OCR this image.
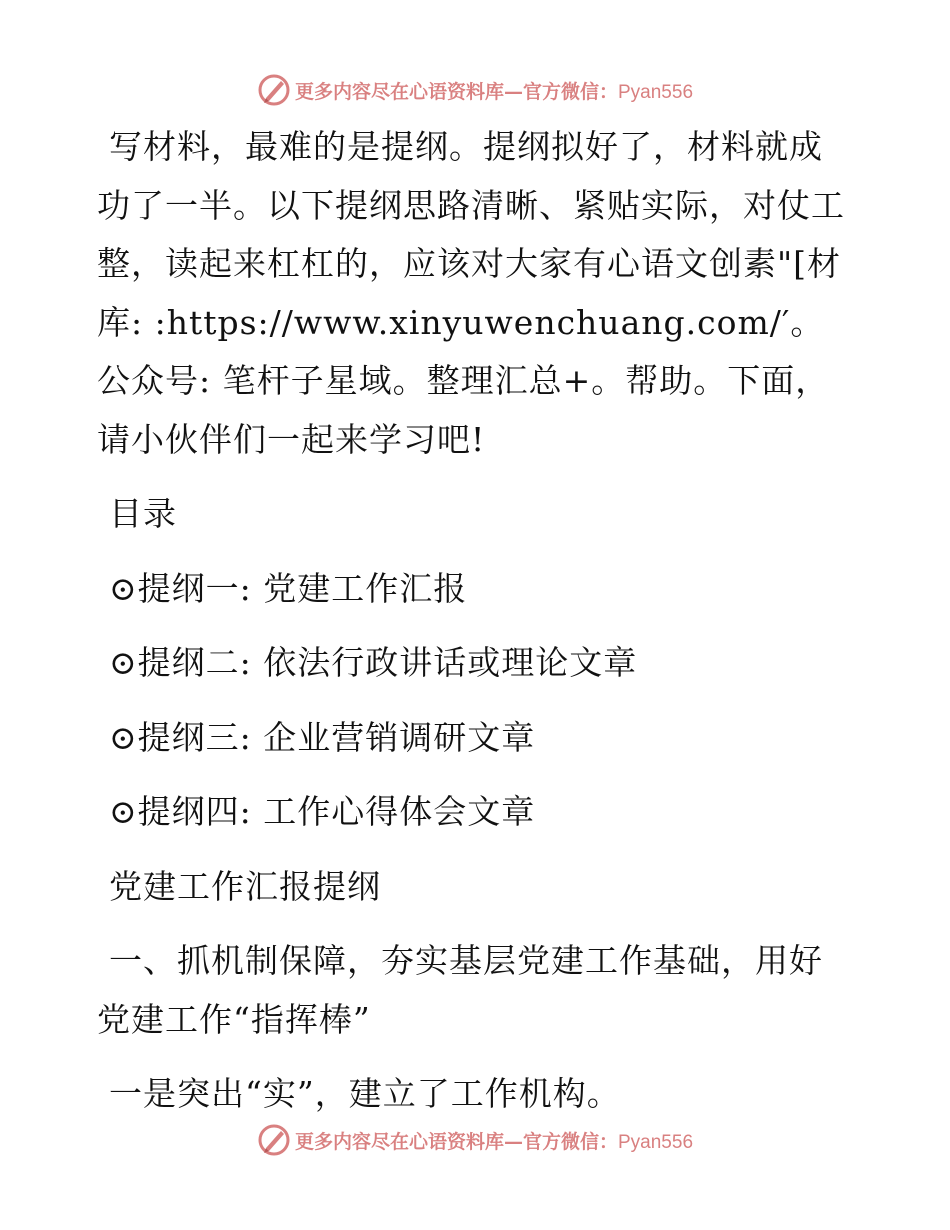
更多内容尽在心语资料库—官方微信：Pyan556

写材料，最难的是提纲。提纲拟好了，材料就成功了一半。以下提纲思路清晰、紧贴实际，对仗工整，读起来杠杠的，应该对大家有心语文创素"[材库: :https://www.xinyuwenchuang.com/′。公众号: 笔杆子星域。整理汇总+。帮助。下面，请小伙伴们一起来学习吧!

目录

⊙提纲一: 党建工作汇报

⊙提纲二: 依法行政讲话或理论文章

⊙提纲三: 企业营销调研文章

⊙提纲四: 工作心得体会文章

党建工作汇报提纲

一、抓机制保障，夯实基层党建工作基础，用好党建工作“指挥棒”

一是突出“实”，建立了工作机构。

更多内容尽在心语资料库—官方微信：Pyan556
